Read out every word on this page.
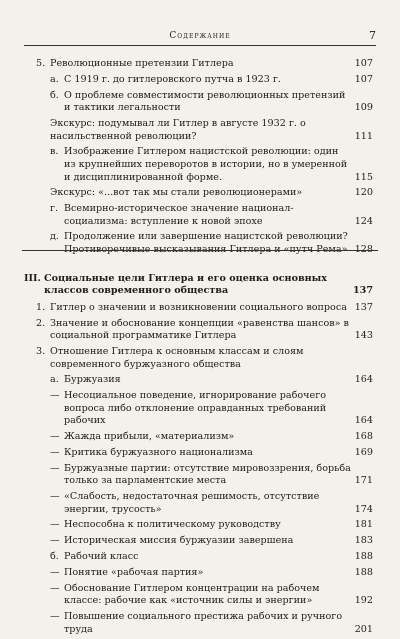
Содержание	7
5. Революционные претензии Гитлера	107
а. С 1919 г. до гитлеровского путча в 1923 г.	107
б. О проблеме совместимости революционных претензий и тактики легальности	109
Экскурс: подумывал ли Гитлер в августе 1932 г. о насильственной революции?	111
в. Изображение Гитлером нацистской революции: один из крупнейших переворотов в истории, но в умеренной и дисциплинированной форме.	115
Экскурс: «...вот так мы стали революционерами»	120
г. Всемирно-историческое значение национал-социализма: вступление к новой эпохе	124
д. Продолжение или завершение нацистской революции? Противоречивые высказывания Гитлера и «путч Рема» 128
III. Социальные цели Гитлера и его оценка основных классов современного общества	137
1. Гитлер о значении и возникновении социального вопроса 137
2. Значение и обоснование концепции «равенства шансов» в социальной программатике Гитлера	143
3. Отношение Гитлера к основным классам и слоям современного буржуазного общества
а. Буржуазия	164
— Несоциальное поведение, игнорирование рабочего вопроса либо отклонение оправданных требований рабочих	164
— Жажда прибыли, «материализм»	168
— Критика буржуазного национализма	169
— Буржуазные партии: отсутствие мировоззрения, борьба только за парламентские места	171
— «Слабость, недостаточная решимость, отсутствие энергии, трусость»	174
— Неспособна к политическому руководству	181
— Историческая миссия буржуазии завершена	183
б. Рабочий класс	188
— Понятие «рабочая партия»	188
— Обоснование Гитлером концентрации на рабочем классе: рабочие как «источник силы и энергии»	192
— Повышение социального престижа рабочих и ручного труда	201
